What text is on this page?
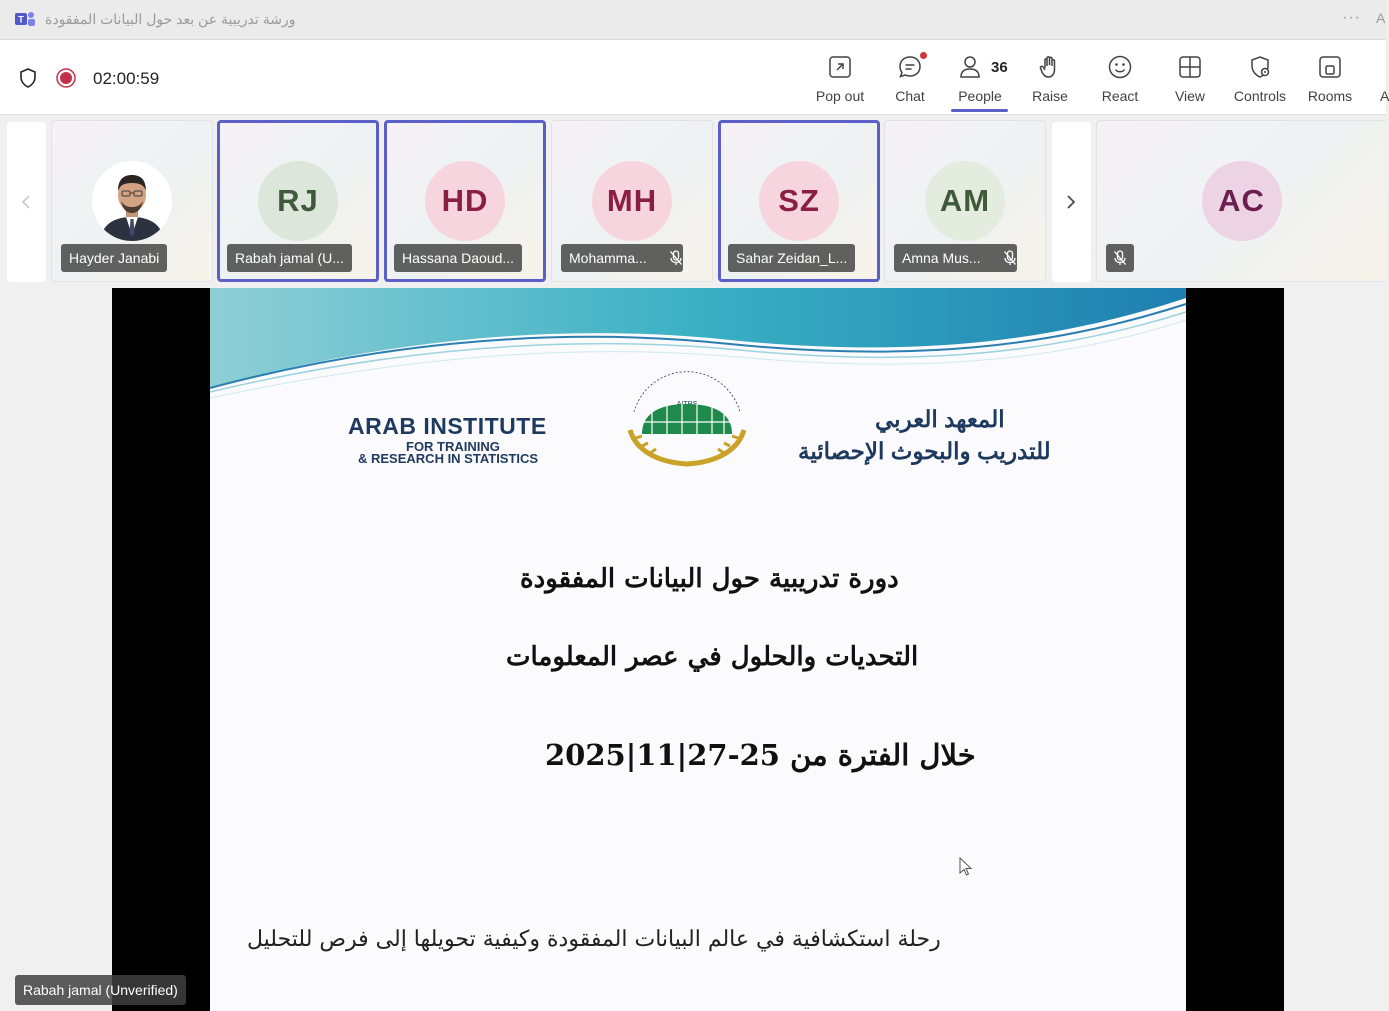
T ورشة تدريبية عن بعد حول البيانات المفقودة	··· A
02:00:59
Pop out	Chat
36
People	Raise	React	View	Controls	Rooms	A
Hayder Janabi
RJ
Rabah jamal (U...
HD
Hassana Daoud...
MH
Mohamma...
SZ
Sahar Zeidan_L...
AM
Amna Mus...
AC
ARAB INSTITUTE
FOR TRAINING
& RESEARCH IN STATISTICS
المعهد العربي
للتدريب والبحوث الإحصائية
دورة تدريبية حول البيانات المفقودة
التحديات والحلول في عصر المعلومات
خلال الفترة من 25-27|11|2025
رحلة استكشافية في عالم البيانات المفقودة وكيفية تحويلها إلى فرص للتحليل
Rabah jamal (Unverified)
